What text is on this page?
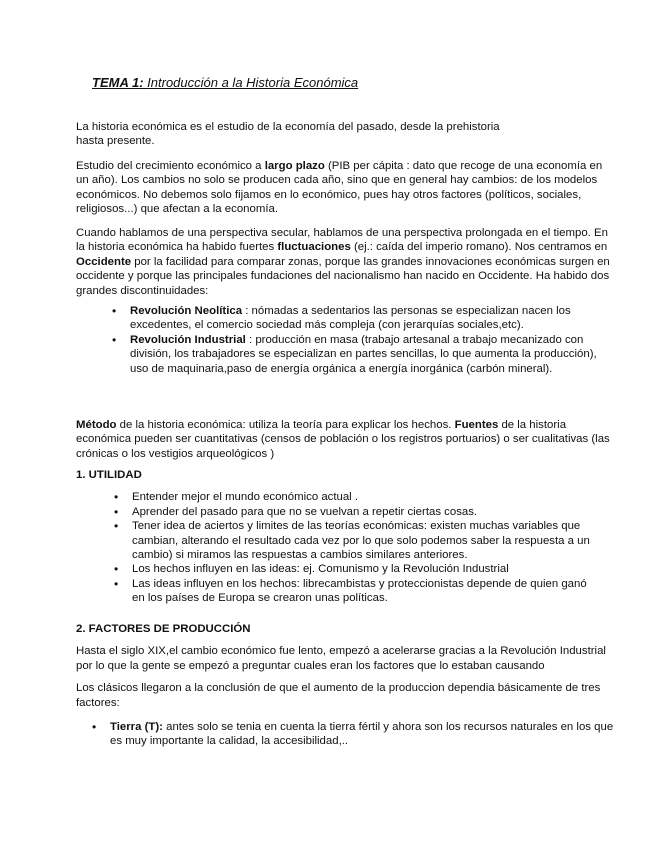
TEMA 1: Introducción a la Historia Económica

La historia económica es el estudio de la economía del pasado, desde la prehistoria hasta presente.

Estudio del crecimiento económico a largo plazo (PIB per cápita : dato que recoge de una economía en un año). Los cambios no solo se producen cada año, sino que en general hay cambios: de los modelos económicos. No debemos solo fijamos en lo económico, pues hay otros factores (políticos, sociales, religiosos...) que afectan a la economía.

Cuando hablamos de una perspectiva secular, hablamos de una perspectiva prolongada en el tiempo. En la historia económica ha habido fuertes fluctuaciones (ej.: caída del imperio romano). Nos centramos en Occidente por la facilidad para comparar zonas, porque las grandes innovaciones económicas surgen en occidente y porque las principales fundaciones del nacionalismo han nacido en Occidente. Ha habido dos grandes discontinuidades:

• Revolución Neolítica : nómadas a sedentarios las personas se especializan nacen los excedentes, el comercio sociedad más compleja (con jerarquías sociales,etc).
• Revolución Industrial : producción en masa (trabajo artesanal a trabajo mecanizado con división, los trabajadores se especializan en partes sencillas, lo que aumenta la producción), uso de maquinaria,paso de energía orgánica a energía inorgánica (carbón mineral).

Método de la historia económica: utiliza la teoría para explicar los hechos. Fuentes de la historia económica pueden ser cuantitativas (censos de población o los registros portuarios) o ser cualitativas (las crónicas o los vestigios arqueológicos )

1. UTILIDAD
• Entender mejor el mundo económico actual .
• Aprender del pasado para que no se vuelvan a repetir ciertas cosas.
• Tener idea de aciertos y limites de las teorías económicas: existen muchas variables que cambian, alterando el resultado cada vez por lo que solo podemos saber la respuesta a un cambio) si miramos las respuestas a cambios similares anteriores.
• Los hechos influyen en las ideas: ej. Comunismo y la Revolución Industrial
• Las ideas influyen en los hechos: librecambistas y proteccionistas depende de quien ganó en los países de Europa se crearon unas políticas.
2. FACTORES DE PRODUCCIÓN

Hasta el siglo XIX,el cambio económico fue lento, empezó a acelerarse gracias a la Revolución Industrial por lo que la gente se empezó a preguntar cuales eran los factores que lo estaban causando

Los clásicos llegaron a la conclusión de que el aumento de la produccion dependia básicamente de tres factores:

• Tierra (T): antes solo se tenia en cuenta la tierra fértil y ahora son los recursos naturales en los que es muy importante la calidad, la accesibilidad,..
